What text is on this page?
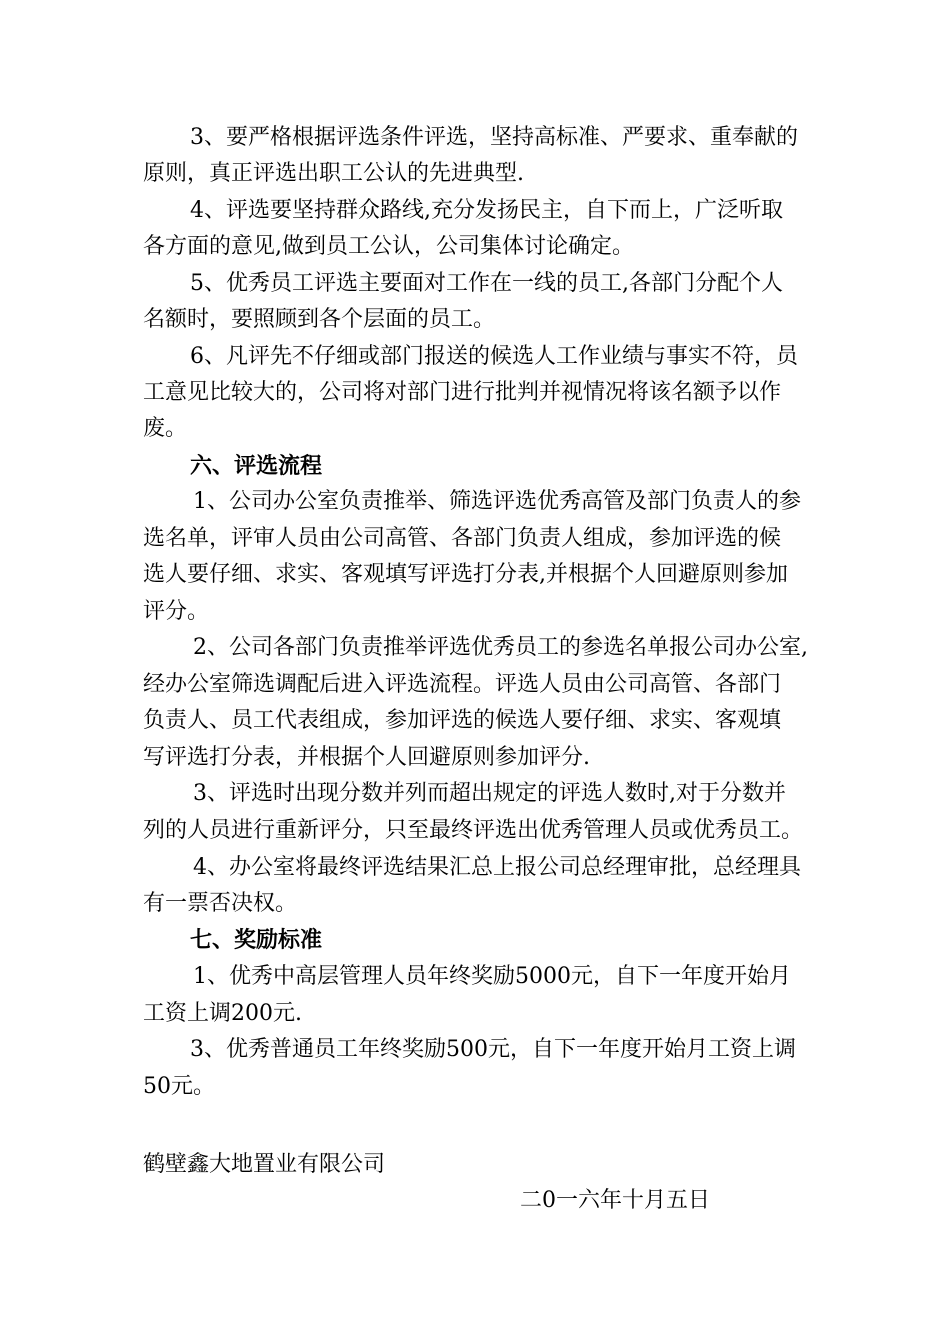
3、要严格根据评选条件评选，坚持高标准、严要求、重奉献的
原则，真正评选出职工公认的先进典型.
4、评选要坚持群众路线,充分发扬民主，自下而上，广泛听取
各方面的意见,做到员工公认，公司集体讨论确定。
5、优秀员工评选主要面对工作在一线的员工,各部门分配个人
名额时，要照顾到各个层面的员工。
6、凡评先不仔细或部门报送的候选人工作业绩与事实不符，员
工意见比较大的，公司将对部门进行批判并视情况将该名额予以作
废。
六、评选流程
1、公司办公室负责推举、筛选评选优秀高管及部门负责人的参
选名单，评审人员由公司高管、各部门负责人组成，参加评选的候
选人要仔细、求实、客观填写评选打分表,并根据个人回避原则参加
评分。
2、公司各部门负责推举评选优秀员工的参选名单报公司办公室,
经办公室筛选调配后进入评选流程。评选人员由公司高管、各部门
负责人、员工代表组成，参加评选的候选人要仔细、求实、客观填
写评选打分表，并根据个人回避原则参加评分.
3、评选时出现分数并列而超出规定的评选人数时,对于分数并
列的人员进行重新评分，只至最终评选出优秀管理人员或优秀员工。
4、办公室将最终评选结果汇总上报公司总经理审批，总经理具
有一票否决权。
七、奖励标准
1、优秀中高层管理人员年终奖励5000元，自下一年度开始月
工资上调200元.
3、优秀普通员工年终奖励500元，自下一年度开始月工资上调
50元。
鹤壁鑫大地置业有限公司
二0一六年十月五日
